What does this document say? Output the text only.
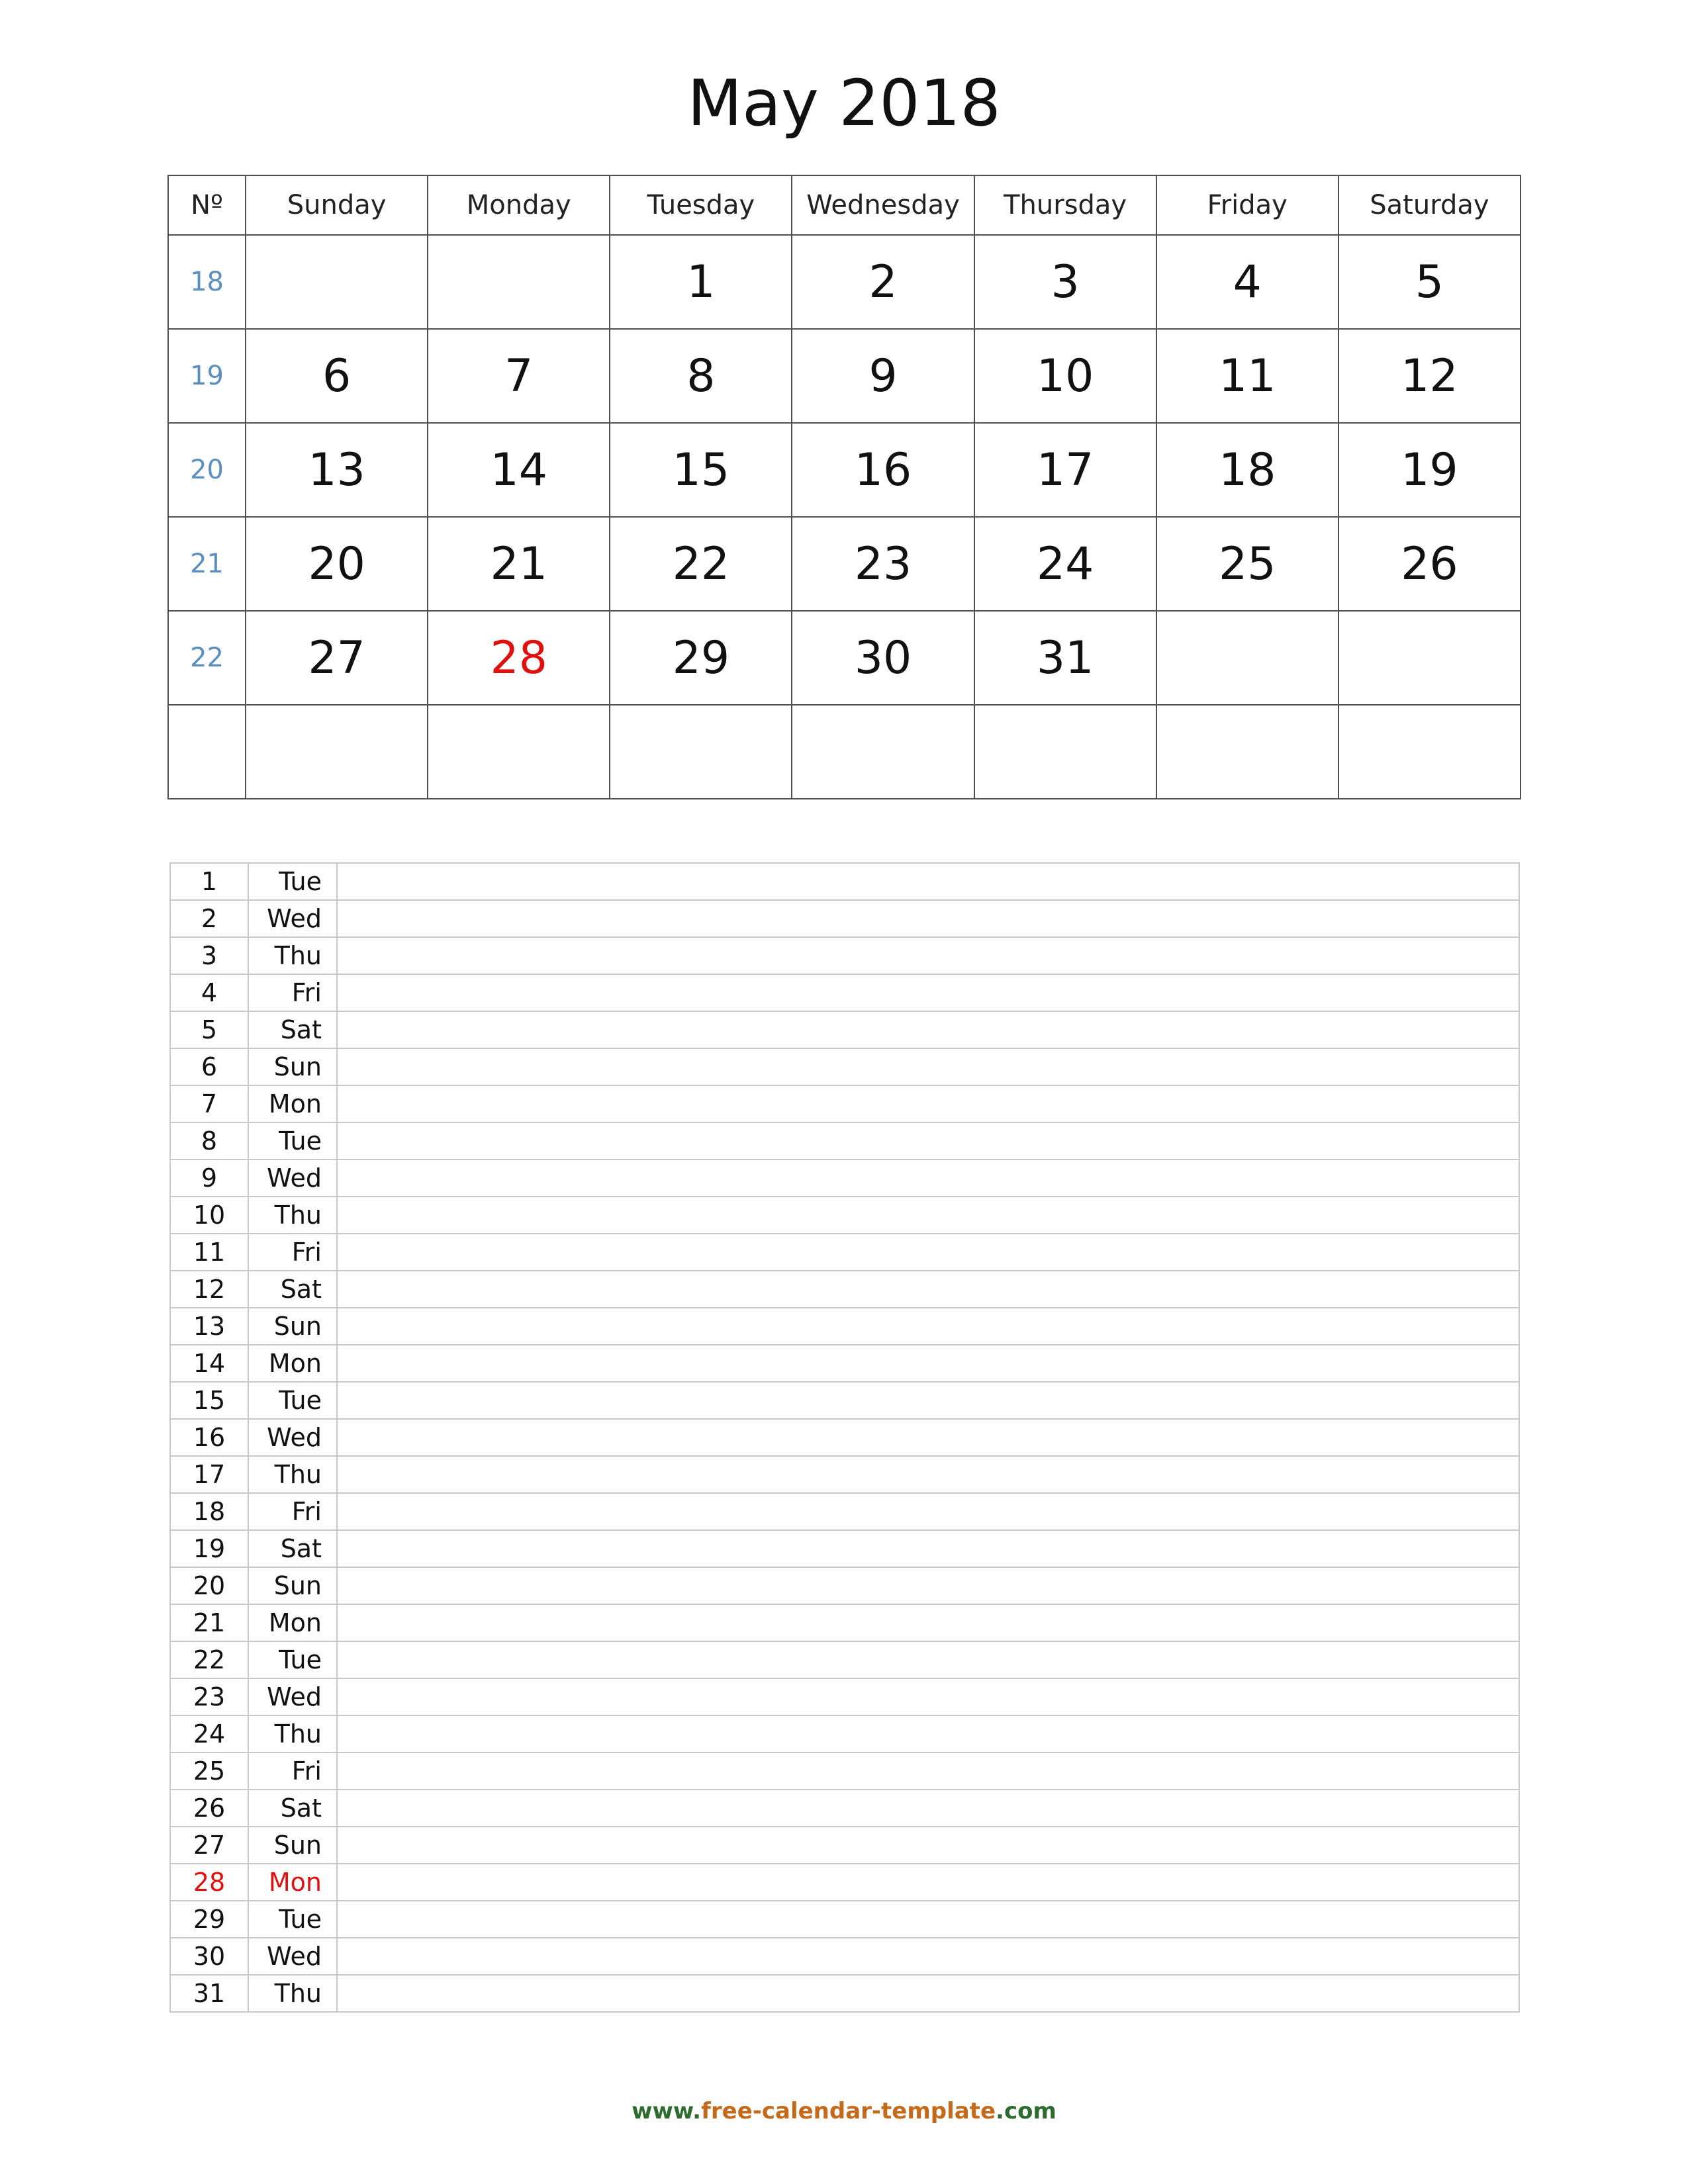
May 2018
Nº	Sunday	Monday	Tuesday	Wednesday	Thursday	Friday	Saturday
18			1	2	3	4	5
19	6	7	8	9	10	11	12
20	13	14	15	16	17	18	19
21	20	21	22	23	24	25	26
22	27	28	29	30	31		

1	Tue	
2	Wed	
3	Thu	
4	Fri	
5	Sat	
6	Sun	
7	Mon	
8	Tue	
9	Wed	
10	Thu	
11	Fri	
12	Sat	
13	Sun	
14	Mon	
15	Tue	
16	Wed	
17	Thu	
18	Fri	
19	Sat	
20	Sun	
21	Mon	
22	Tue	
23	Wed	
24	Thu	
25	Fri	
26	Sat	
27	Sun	
28	Mon	
29	Tue	
30	Wed	
31	Thu	
www.free-calendar-template.com
